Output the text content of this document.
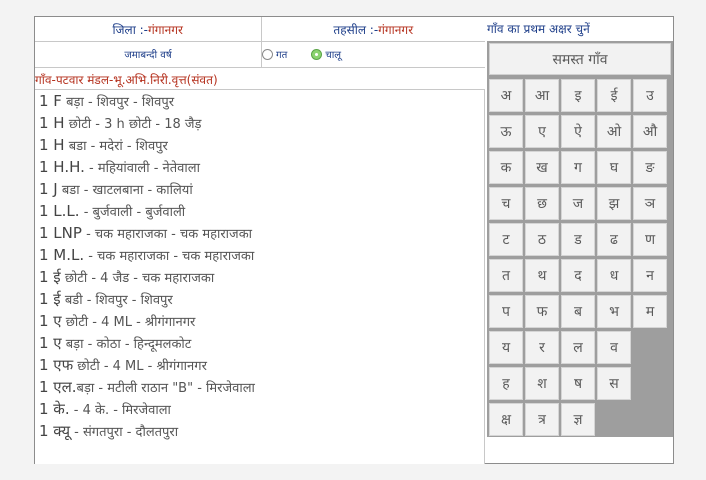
जिला :- गंगानगर	तहसील :- गंगानगर
जमाबन्दी वर्ष	गत	चालू
गाँव-पटवार मंडल-भू.अभि.निरी.वृत्त(संवत)
1 F बड़ा - शिवपुर - शिवपुर
1 H छोटी - 3 h छोटी - 18 जैड़
1 H बडा - मदेरां - शिवपुर
1 H.H. - महियांवाली - नेतेवाला
1 J बडा - खाटलबाना - कालियां
1 L.L. - बुर्जवाली - बुर्जवाली
1 LNP - चक महाराजका - चक महाराजका
1 M.L. - चक महाराजका - चक महाराजका
1 ई छोटी - 4 जैड - चक महाराजका
1 ई बडी - शिवपुर - शिवपुर
1 ए छोटी - 4 ML - श्रीगंगानगर
1 ए बड़ा - कोठा - हिन्दूमलकोट
1 एफ छोटी - 4 ML - श्रीगंगानगर
1 एल.बड़ा - मटीली राठान "B" - मिरजेवाला
1 के. - 4 के. - मिरजेवाला
1 क्यू - संगतपुरा - दौलतपुरा
गाँव का प्रथम अक्षर चुनें
समस्त गाँव
अ	आ	इ	ई	उ
ऊ	ए	ऐ	ओ	औ
क	ख	ग	घ	ङ
च	छ	ज	झ	ञ
ट	ठ	ड	ढ	ण
त	थ	द	ध	न
प	फ	ब	भ	म
य	र	ल	व
ह	श	ष	स
क्ष	त्र	ज्ञ
